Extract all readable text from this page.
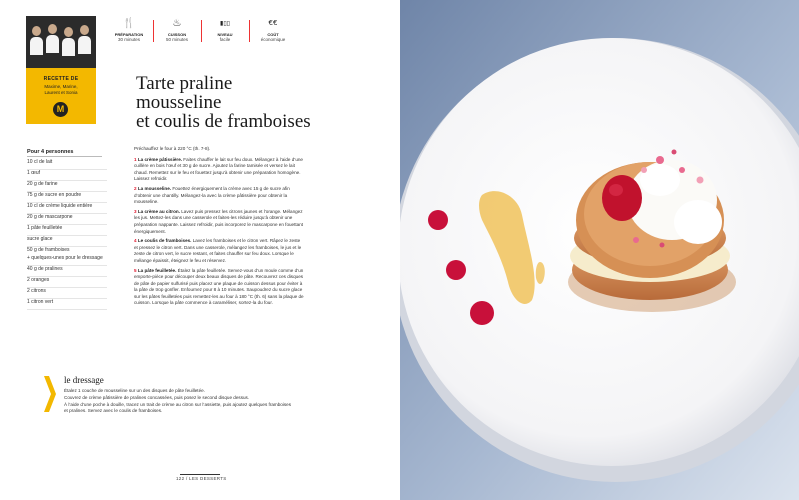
RECETTE DE
Maxime, Marine,
Laurent et Sonia
M
🍴
PRÉPARATION
30 minutes
♨
CUISSON
50 minutes
▮▯▯
NIVEAU
facile
€€
COÛT
économique
Tarte praline
mousseline
et coulis de framboises
Pour 4 personnes
10 cl de lait
1 œuf
20 g de farine
75 g de sucre en poudre
10 cl de crème liquide entière
20 g de mascarpone
1 pâte feuilletée
sucre glace
50 g de framboises
+ quelques-unes pour le dressage
40 g de pralines
2 oranges
2 citrons
1 citron vert

Préchauffez le four à 220 °C (th. 7-8).

1 La crème pâtissière. Faites chauffer le lait sur feu doux. Mélangez à l’aide d’une cuillère en bois l’œuf et 30 g de sucre. Ajoutez la farine tamisée et versez le lait chaud. Remettez sur le feu et fouettez jusqu’à obtenir une préparation homogène. Laissez refroidir.

2 La mousseline. Fouettez énergiquement la crème avec 15 g de sucre afin d’obtenir une chantilly. Mélangez-la avec la crème pâtissière pour obtenir la mousseline.

3 La crème au citron. Lavez puis pressez les citrons jaunes et l’orange. Mélangez les jus. Mettez-les dans une casserole et faites-les réduire jusqu’à obtenir une préparation nappante. Laissez refroidir, puis incorporez le mascarpone en fouettant énergiquement.

4 Le coulis de framboises. Lavez les framboises et le citron vert. Râpez le zeste et pressez le citron vert. Dans une casserole, mélangez les framboises, le jus et le zeste de citron vert, le sucre restant, et faites chauffer sur feu doux. Lorsque le mélange épaissit, éteignez le feu et réservez.

5 La pâte feuilletée. Étalez la pâte feuilletée. Servez-vous d’un moule comme d’un emporte-pièce pour découper deux beaux disques de pâte. Recouvrez ces disques de pâte de papier sulfurisé puis placez une plaque de cuisson dessus pour éviter à la pâte de trop gonfler. Enfournez pour 8 à 10 minutes. Saupoudrez du sucre glace sur les pâtes feuilletées puis remettez-les au four à 180 °C (th. 6) sans la plaque de cuisson. Lorsque la pâte commence à caraméliser, sortez-la du four.

le dressage

Étalez 1 couche de mousseline sur un des disques de pâte feuilletée.

Couvrez de crème pâtissière de pralines concassées, puis posez le second disque dessus.

À l’aide d’une poche à douille, tracez un trait de crème au citron sur l’assiette, puis ajoutez quelques framboises

et pralines. Servez avec le coulis de framboises.

122 / LES DESSERTS
